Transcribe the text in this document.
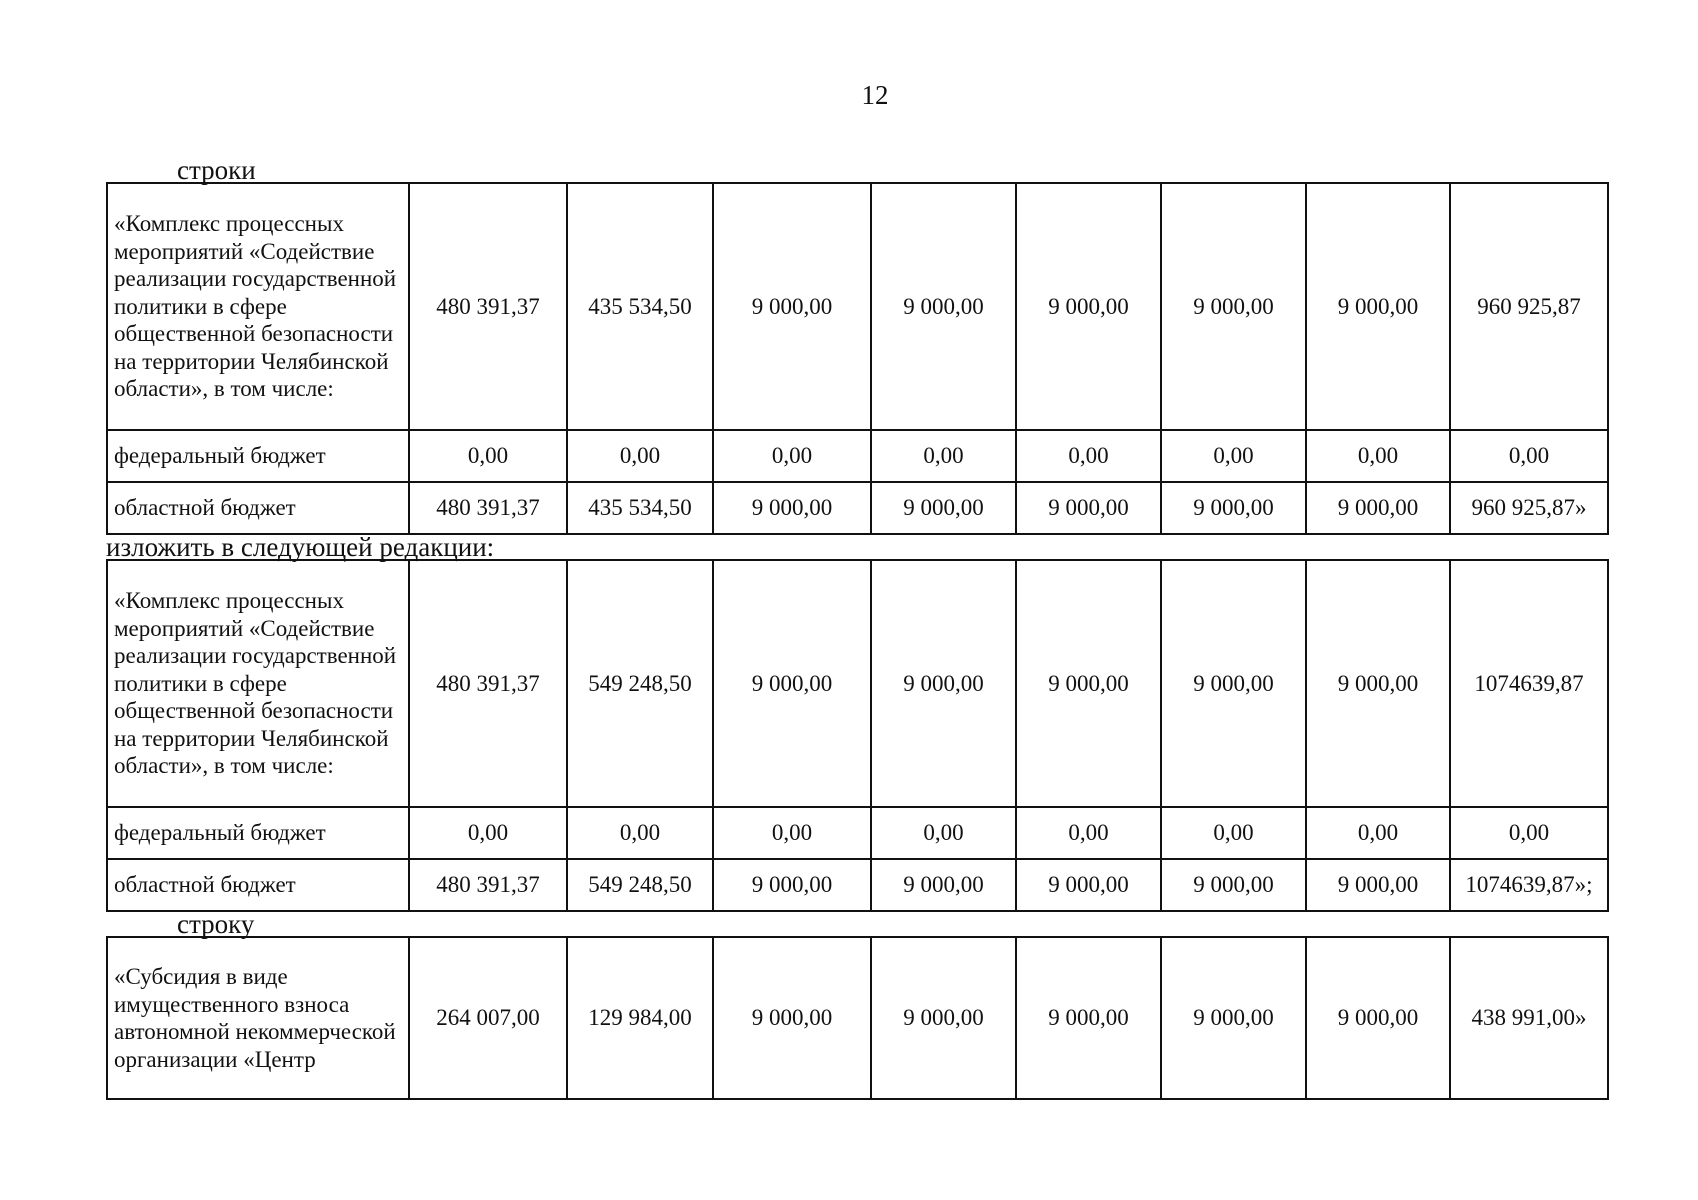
12
строки
«Комплекс процессных мероприятий «Содействие реализации государственной политики в сфере общественной безопасности на территории Челябинской области», в том числе:	480 391,37	435 534,50	9 000,00	9 000,00	9 000,00	9 000,00	9 000,00	960 925,87
федеральный бюджет	0,00	0,00	0,00	0,00	0,00	0,00	0,00	0,00
областной бюджет	480 391,37	435 534,50	9 000,00	9 000,00	9 000,00	9 000,00	9 000,00	960 925,87»
изложить в следующей редакции:
«Комплекс процессных мероприятий «Содействие реализации государственной политики в сфере общественной безопасности на территории Челябинской области», в том числе:	480 391,37	549 248,50	9 000,00	9 000,00	9 000,00	9 000,00	9 000,00	1074639,87
федеральный бюджет	0,00	0,00	0,00	0,00	0,00	0,00	0,00	0,00
областной бюджет	480 391,37	549 248,50	9 000,00	9 000,00	9 000,00	9 000,00	9 000,00	1074639,87»;
строку
«Субсидия в виде имущественного взноса автономной некоммерческой организации «Центр	264 007,00	129 984,00	9 000,00	9 000,00	9 000,00	9 000,00	9 000,00	438 991,00»
